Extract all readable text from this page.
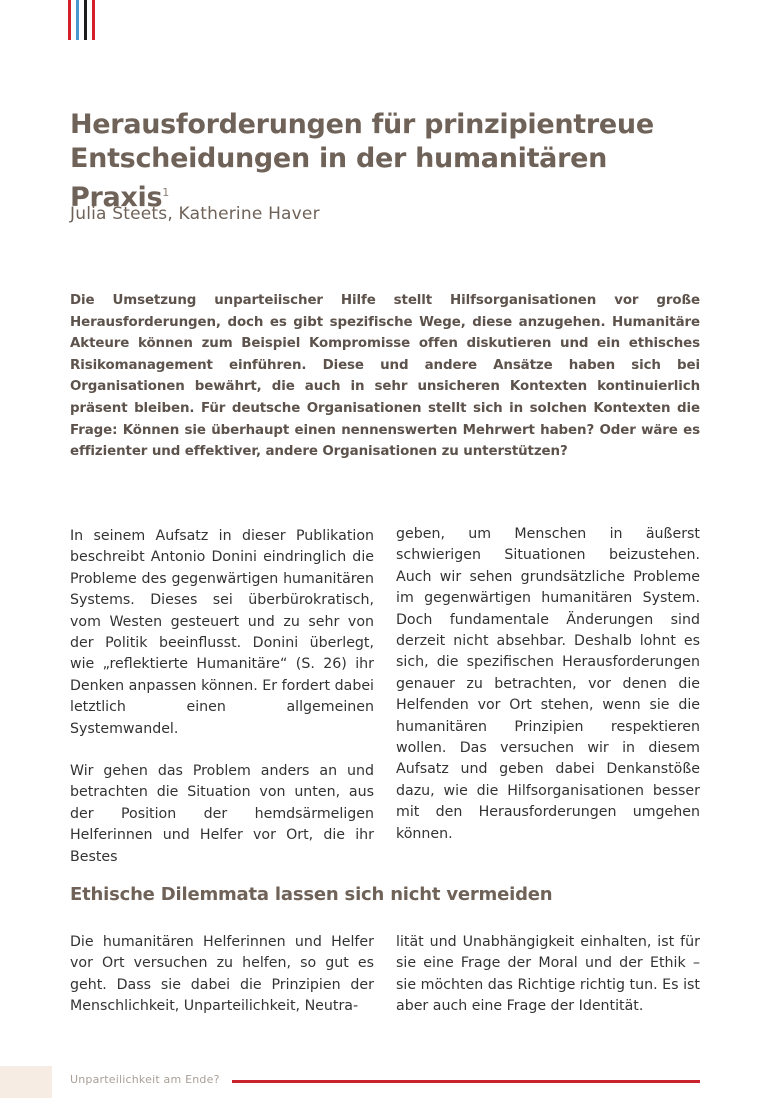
Herausforderungen für prinzipientreue
Entscheidungen in der humanitären Praxis$^1$

Julia Steets, Katherine Haver

Die Umsetzung unparteiischer Hilfe stellt Hilfsorganisationen vor große Herausforderungen, doch es gibt spezifische Wege, diese anzugehen. Humanitäre Akteure können zum Beispiel Kompromisse offen diskutieren und ein ethisches Risikomanagement einführen. Diese und andere Ansätze haben sich bei Organisationen bewährt, die auch in sehr unsicheren Kontexten kontinuierlich präsent bleiben. Für deutsche Organisationen stellt sich in solchen Kontexten die Frage: Können sie überhaupt einen nennenswerten Mehrwert haben? Oder wäre es effizienter und effektiver, andere Organisationen zu unterstützen?

In seinem Aufsatz in dieser Publikation beschreibt Antonio Donini eindringlich die Probleme des gegenwärtigen humanitären Systems. Dieses sei überbürokratisch, vom Westen gesteuert und zu sehr von der Politik beeinflusst. Donini überlegt, wie „reflektierte Humanitäre“ (S. 26) ihr Denken anpassen können. Er fordert dabei letztlich einen allgemeinen Systemwandel.

Wir gehen das Problem anders an und betrachten die Situation von unten, aus der Position der hemdsärmeligen Helferinnen und Helfer vor Ort, die ihr Bestes

geben, um Menschen in äußerst schwierigen Situationen beizustehen. Auch wir sehen grundsätzliche Probleme im gegenwärtigen humanitären System. Doch fundamentale Änderungen sind derzeit nicht absehbar. Deshalb lohnt es sich, die spezifischen Herausforderungen genauer zu betrachten, vor denen die Helfenden vor Ort stehen, wenn sie die humanitären Prinzipien respektieren wollen. Das versuchen wir in diesem Aufsatz und geben dabei Denkanstöße dazu, wie die Hilfsorganisationen besser mit den Herausforderungen umgehen können.

Ethische Dilemmata lassen sich nicht vermeiden

Die humanitären Helferinnen und Helfer vor Ort versuchen zu helfen, so gut es geht. Dass sie dabei die Prinzipien der Menschlichkeit, Unparteilichkeit, Neutra-

lität und Unabhängigkeit einhalten, ist für sie eine Frage der Moral und der Ethik – sie möchten das Richtige richtig tun. Es ist aber auch eine Frage der Identität.

Unparteilichkeit am Ende?
